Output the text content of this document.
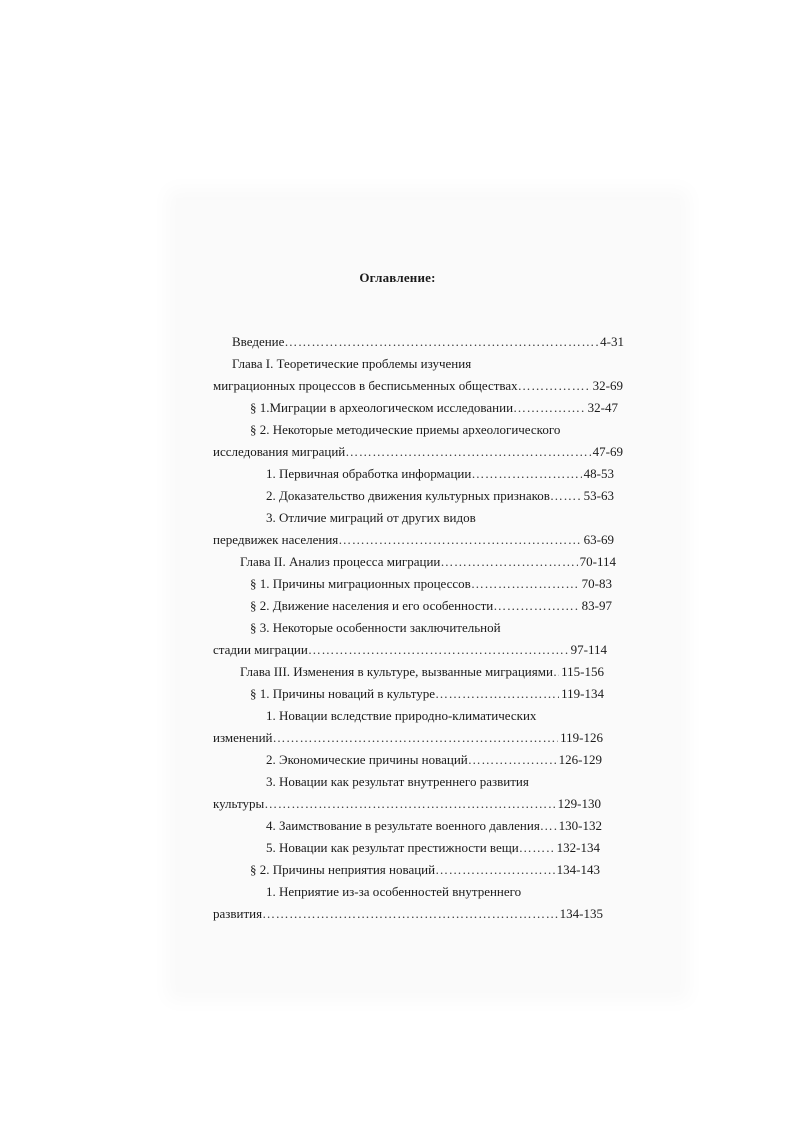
Оглавление:
Введение …………………………………………………………………………………………………………………………………………………	4-31
Глава I. Теоретические проблемы изучения
миграционных процессов в бесписьменных обществах …………………………………………………………………………………………………………………………………………………	32-69
§ 1.Миграции в археологическом исследовании …………………………………………………………………………………………………………………………………………………	32-47
§ 2. Некоторые методические приемы археологического
исследования миграций …………………………………………………………………………………………………………………………………………………	47-69
1. Первичная обработка информации …………………………………………………………………………………………………………………………………………………	48-53
2. Доказательство движения культурных признаков …………………………………………………………………………………………………………………………………………………	53-63
3. Отличие миграций от других видов
передвижек населения …………………………………………………………………………………………………………………………………………………	63-69
Глава II. Анализ процесса миграции …………………………………………………………………………………………………………………………………………………	70-114
§ 1. Причины миграционных процессов …………………………………………………………………………………………………………………………………………………	70-83
§ 2. Движение населения и его особенности …………………………………………………………………………………………………………………………………………………	83-97
§ 3. Некоторые особенности заключительной
стадии миграции …………………………………………………………………………………………………………………………………………………	97-114
Глава III. Изменения в культуре, вызванные миграциями ………………………………………………………………………………………………………………………………………………… 115-156
§ 1. Причины новаций в культуре …………………………………………………………………………………………………………………………………………………	119-134
1. Новации вследствие природно-климатических
изменений …………………………………………………………………………………………………………………………………………………	119-126
2. Экономические причины новаций …………………………………………………………………………………………………………………………………………………	126-129
3. Новации как результат внутреннего развития
культуры …………………………………………………………………………………………………………………………………………………	129-130
4. Заимствование в результате военного давления ………………………………………………………………………………………………………………………………………………… 130-132
5. Новации как результат престижности вещи …………………………………………………………………………………………………………………………………………………	132-134
§ 2. Причины неприятия новаций …………………………………………………………………………………………………………………………………………………	134-143
1. Неприятие из-за особенностей внутреннего
развития …………………………………………………………………………………………………………………………………………………	134-135
